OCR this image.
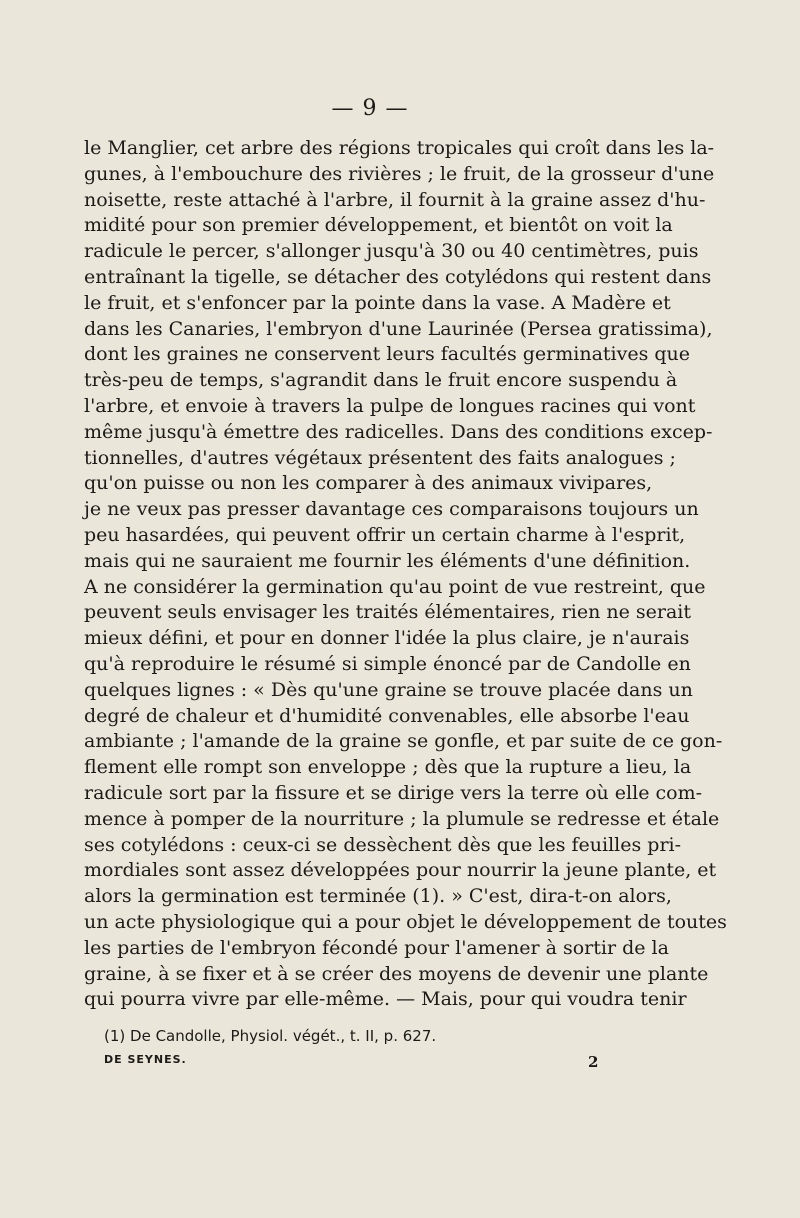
— 9 —
le Manglier, cet arbre des régions tropicales qui croît dans les la-
gunes, à l'embouchure des rivières ; le fruit, de la grosseur d'une
noisette, reste attaché à l'arbre, il fournit à la graine assez d'hu-
midité pour son premier développement, et bientôt on voit la
radicule le percer, s'allonger jusqu'à 30 ou 40 centimètres, puis
entraînant la tigelle, se détacher des cotylédons qui restent dans
le fruit, et s'enfoncer par la pointe dans la vase. A Madère et
dans les Canaries, l'embryon d'une Laurinée (Persea gratissima),
dont les graines ne conservent leurs facultés germinatives que
très-peu de temps, s'agrandit dans le fruit encore suspendu à
l'arbre, et envoie à travers la pulpe de longues racines qui vont
même jusqu'à émettre des radicelles. Dans des conditions excep-
tionnelles, d'autres végétaux présentent des faits analogues ;
qu'on puisse ou non les comparer à des animaux vivipares,
je ne veux pas presser davantage ces comparaisons toujours un
peu hasardées, qui peuvent offrir un certain charme à l'esprit,
mais qui ne sauraient me fournir les éléments d'une définition.
A ne considérer la germination qu'au point de vue restreint, que
peuvent seuls envisager les traités élémentaires, rien ne serait
mieux défini, et pour en donner l'idée la plus claire, je n'aurais
qu'à reproduire le résumé si simple énoncé par de Candolle en
quelques lignes : « Dès qu'une graine se trouve placée dans un
degré de chaleur et d'humidité convenables, elle absorbe l'eau
ambiante ; l'amande de la graine se gonfle, et par suite de ce gon-
flement elle rompt son enveloppe ; dès que la rupture a lieu, la
radicule sort par la fissure et se dirige vers la terre où elle com-
mence à pomper de la nourriture ; la plumule se redresse et étale
ses cotylédons : ceux-ci se dessèchent dès que les feuilles pri-
mordiales sont assez développées pour nourrir la jeune plante, et
alors la germination est terminée (1). » C'est, dira-t-on alors,
un acte physiologique qui a pour objet le développement de toutes
les parties de l'embryon fécondé pour l'amener à sortir de la
graine, à se fixer et à se créer des moyens de devenir une plante
qui pourra vivre par elle-même. — Mais, pour qui voudra tenir
(1) De Candolle, Physiol. végét., t. II, p. 627.
DE SEYNES.	2
